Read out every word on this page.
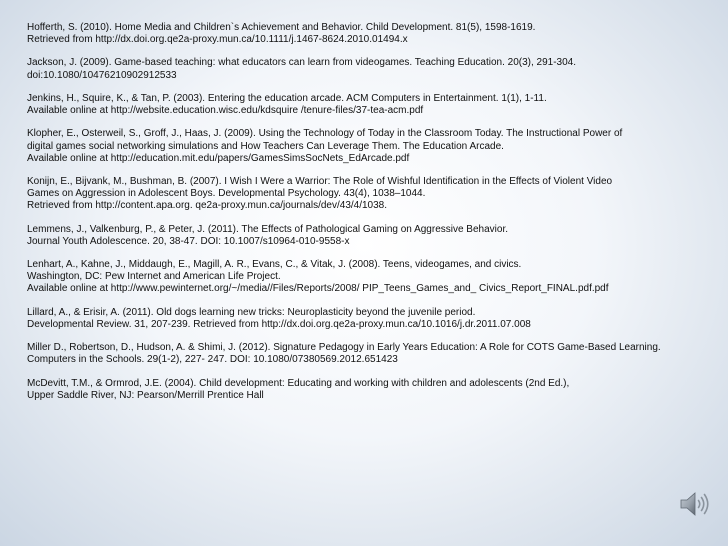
Hofferth, S. (2010). Home Media and Children`s Achievement and Behavior. Child Development. 81(5), 1598-1619.
Retrieved from http://dx.doi.org.qe2a-proxy.mun.ca/10.1111/j.1467-8624.2010.01494.x
Jackson, J. (2009). Game-based teaching: what educators can learn from videogames. Teaching Education. 20(3), 291-304.
doi:10.1080/10476210902912533
Jenkins, H., Squire, K., & Tan, P. (2003). Entering the education arcade. ACM Computers in Entertainment. 1(1), 1-11.
Available online at http://website.education.wisc.edu/kdsquire /tenure-files/37-tea-acm.pdf
Klopher, E., Osterweil, S., Groff, J., Haas, J. (2009). Using the Technology of Today in the Classroom Today. The Instructional Power of
digital games social networking simulations and How Teachers Can Leverage Them. The Education Arcade.
Available online at http://education.mit.edu/papers/GamesSimsSocNets_EdArcade.pdf
Konijn, E., Bijvank, M., Bushman, B. (2007). I Wish I Were a Warrior: The Role of Wishful Identification in the Effects of Violent Video
Games on Aggression in Adolescent Boys. Developmental Psychology. 43(4), 1038–1044.
Retrieved from http://content.apa.org. qe2a-proxy.mun.ca/journals/dev/43/4/1038.
Lemmens, J., Valkenburg, P., & Peter, J. (2011). The Effects of Pathological Gaming on Aggressive Behavior.
Journal Youth Adolescence. 20, 38-47. DOI: 10.1007/s10964-010-9558-x
Lenhart, A., Kahne, J., Middaugh, E., Magill, A. R., Evans, C., & Vitak, J. (2008). Teens, videogames, and civics.
Washington, DC: Pew Internet and American Life Project.
Available online at http://www.pewinternet.org/~/media//Files/Reports/2008/ PIP_Teens_Games_and_ Civics_Report_FINAL.pdf.pdf
Lillard, A., & Erisir, A. (2011). Old dogs learning new tricks: Neuroplasticity beyond the juvenile period.
Developmental Review. 31, 207-239. Retrieved from http://dx.doi.org.qe2a-proxy.mun.ca/10.1016/j.dr.2011.07.008
Miller D., Robertson, D., Hudson, A. & Shimi, J. (2012). Signature Pedagogy in Early Years Education: A Role for COTS Game-Based Learning.
Computers in the Schools. 29(1-2), 227- 247. DOI: 10.1080/07380569.2012.651423
McDevitt, T.M., & Ormrod, J.E. (2004). Child development: Educating and working with children and adolescents (2nd Ed.),
Upper Saddle River, NJ: Pearson/Merrill Prentice Hall
